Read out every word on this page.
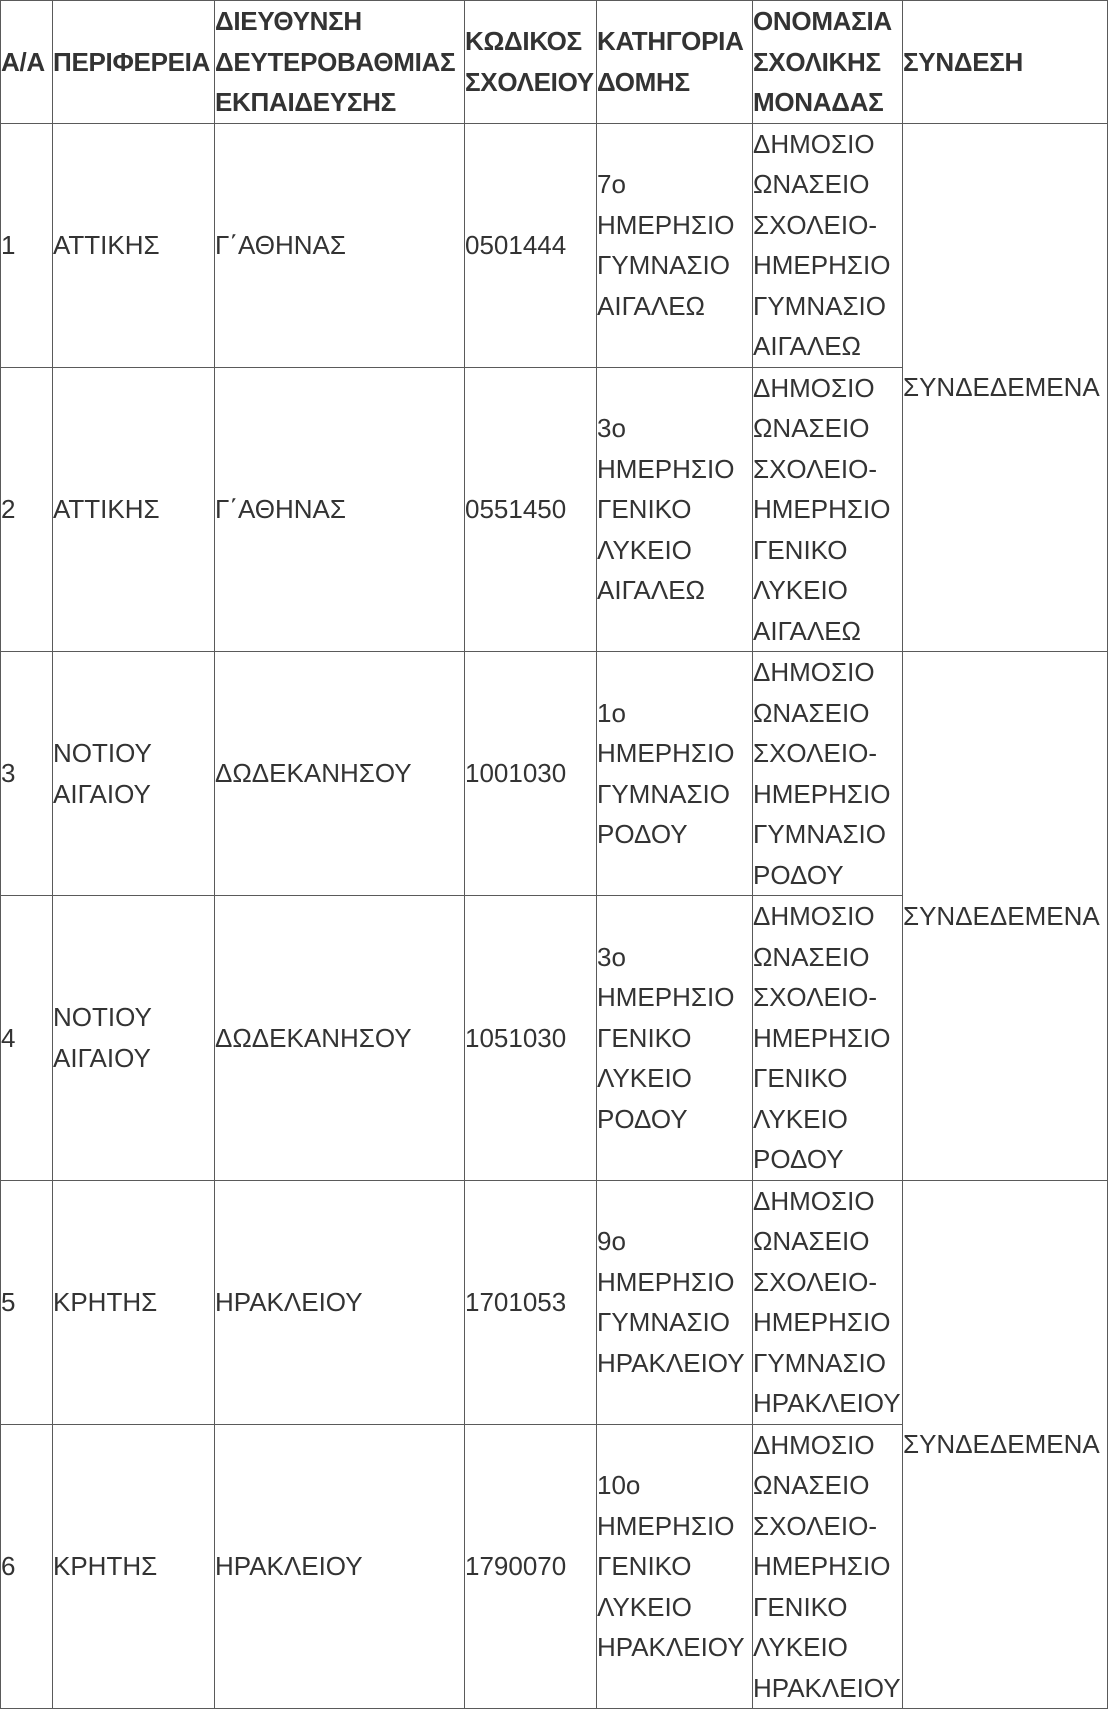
Α/Α	ΠΕΡΙΦΕΡΕΙΑ	ΔΙΕΥΘΥΝΣΗ ΔΕΥΤΕΡΟΒΑΘΜΙΑΣ ΕΚΠΑΙΔΕΥΣΗΣ	ΚΩΔΙΚΟΣ ΣΧΟΛΕΙΟΥ	ΚΑΤΗΓΟΡΙΑ ΔΟΜΗΣ	ΟΝΟΜΑΣΙΑ ΣΧΟΛΙΚΗΣ ΜΟΝΑΔΑΣ	ΣΥΝΔΕΣΗ

1	ΑΤΤΙΚΗΣ	Γ΄ΑΘΗΝΑΣ	0501444	7ο ΗΜΕΡΗΣΙΟ ΓΥΜΝΑΣΙΟ ΑΙΓΑΛΕΩ	ΔΗΜΟΣΙΟ ΩΝΑΣΕΙΟ ΣΧΟΛΕΙΟ- ΗΜΕΡΗΣΙΟ ΓΥΜΝΑΣΙΟ ΑΙΓΑΛΕΩ	ΣΥΝΔΕΔΕΜΕΝΑ

2	ΑΤΤΙΚΗΣ	Γ΄ΑΘΗΝΑΣ	0551450	3ο ΗΜΕΡΗΣΙΟ ΓΕΝΙΚΟ ΛΥΚΕΙΟ ΑΙΓΑΛΕΩ	ΔΗΜΟΣΙΟ ΩΝΑΣΕΙΟ ΣΧΟΛΕΙΟ- ΗΜΕΡΗΣΙΟ ΓΕΝΙΚΟ ΛΥΚΕΙΟ ΑΙΓΑΛΕΩ	

3	ΝΟΤΙΟΥ ΑΙΓΑΙΟΥ	ΔΩΔΕΚΑΝΗΣΟΥ	1001030	1ο ΗΜΕΡΗΣΙΟ ΓΥΜΝΑΣΙΟ ΡΟΔΟΥ	ΔΗΜΟΣΙΟ ΩΝΑΣΕΙΟ ΣΧΟΛΕΙΟ- ΗΜΕΡΗΣΙΟ ΓΥΜΝΑΣΙΟ ΡΟΔΟΥ	ΣΥΝΔΕΔΕΜΕΝΑ

4	ΝΟΤΙΟΥ ΑΙΓΑΙΟΥ	ΔΩΔΕΚΑΝΗΣΟΥ	1051030	3ο ΗΜΕΡΗΣΙΟ ΓΕΝΙΚΟ ΛΥΚΕΙΟ ΡΟΔΟΥ	ΔΗΜΟΣΙΟ ΩΝΑΣΕΙΟ ΣΧΟΛΕΙΟ- ΗΜΕΡΗΣΙΟ ΓΕΝΙΚΟ ΛΥΚΕΙΟ ΡΟΔΟΥ	

5	ΚΡΗΤΗΣ	ΗΡΑΚΛΕΙΟΥ	1701053	9ο ΗΜΕΡΗΣΙΟ ΓΥΜΝΑΣΙΟ ΗΡΑΚΛΕΙΟΥ	ΔΗΜΟΣΙΟ ΩΝΑΣΕΙΟ ΣΧΟΛΕΙΟ- ΗΜΕΡΗΣΙΟ ΓΥΜΝΑΣΙΟ ΗΡΑΚΛΕΙΟΥ	ΣΥΝΔΕΔΕΜΕΝΑ

6	ΚΡΗΤΗΣ	ΗΡΑΚΛΕΙΟΥ	1790070	10ο ΗΜΕΡΗΣΙΟ ΓΕΝΙΚΟ ΛΥΚΕΙΟ ΗΡΑΚΛΕΙΟΥ	ΔΗΜΟΣΙΟ ΩΝΑΣΕΙΟ ΣΧΟΛΕΙΟ- ΗΜΕΡΗΣΙΟ ΓΕΝΙΚΟ ΛΥΚΕΙΟ ΗΡΑΚΛΕΙΟΥ	
